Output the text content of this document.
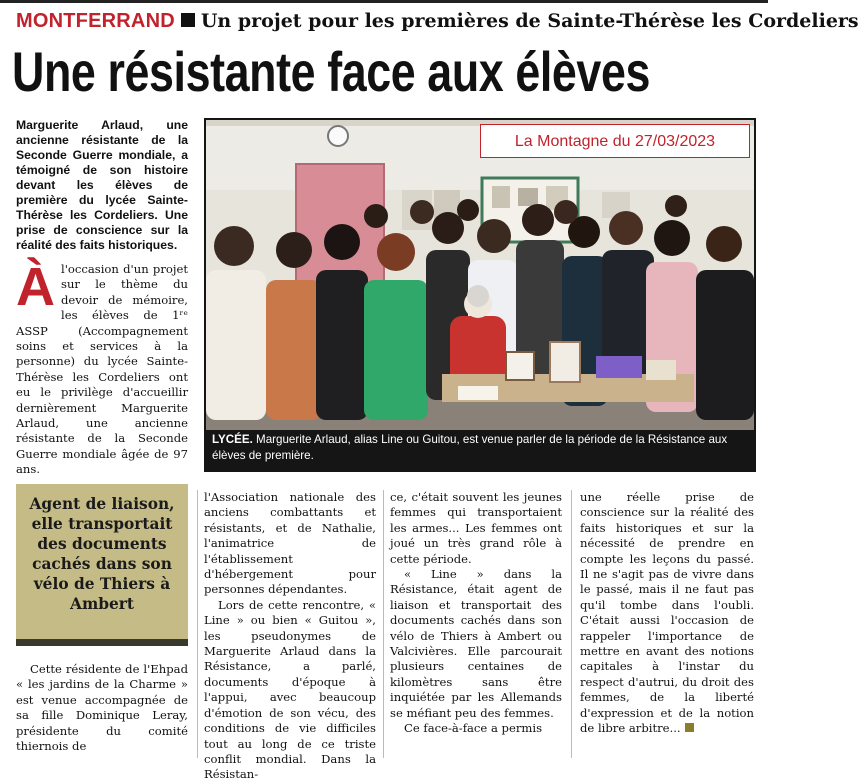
MONTFERRAND Un projet pour les premières de Sainte-Thérèse les Cordeliers
Une résistante face aux élèves
Marguerite Arlaud, une ancienne résistante de la Seconde Guerre mondiale, a témoigné de son histoire devant les élèves de première du lycée Sainte-Thérèse les Cordeliers. Une prise de conscience sur la réalité des faits historiques.
Àl'occasion d'un projet sur le thème du devoir de mémoire, les élèves de 1ʳᵉ ASSP (Accompagnement soins et services à la personne) du lycée Sainte-Thérèse les Cordeliers ont eu le privilège d'accueillir dernièrement Marguerite Arlaud, une ancienne résistante de la Seconde Guerre mondiale âgée de 97 ans.
LYCÉE. Marguerite Arlaud, alias Line ou Guitou, est venue parler de la période de la Résistance aux élèves de première.
La Montagne du 27/03/2023
Agent de liaison, elle transportait des documents cachés dans son vélo de Thiers à Ambert

Cette résidente de l'Ehpad « les jardins de la Charme » est venue accompagnée de sa fille Dominique Leray, présidente du comité thiernois de

l'Association nationale des anciens combattants et résistants, et de Nathalie, l'animatrice de l'établissement d'hébergement pour personnes dépendantes.

Lors de cette rencontre, « Line » ou bien « Guitou », les pseudonymes de Marguerite Arlaud dans la Résistance, a parlé, documents d'époque à l'appui, avec beaucoup d'émotion de son vécu, des conditions de vie difficiles tout au long de ce triste conflit mondial. Dans la Résistan-

ce, c'était souvent les jeunes femmes qui transportaient les armes... Les femmes ont joué un très grand rôle à cette période.

« Line » dans la Résistance, était agent de liaison et transportait des documents cachés dans son vélo de Thiers à Ambert ou Valcivières. Elle parcourait plusieurs centaines de kilomètres sans être inquiétée par les Allemands se méfiant peu des femmes.

Ce face-à-face a permis

une réelle prise de conscience sur la réalité des faits historiques et sur la nécessité de prendre en compte les leçons du passé. Il ne s'agit pas de vivre dans le passé, mais il ne faut pas qu'il tombe dans l'oubli. C'était aussi l'occasion de rappeler l'importance de mettre en avant des notions capitales à l'instar du respect d'autrui, du droit des femmes, de la liberté d'expression et de la notion de libre arbitre...
